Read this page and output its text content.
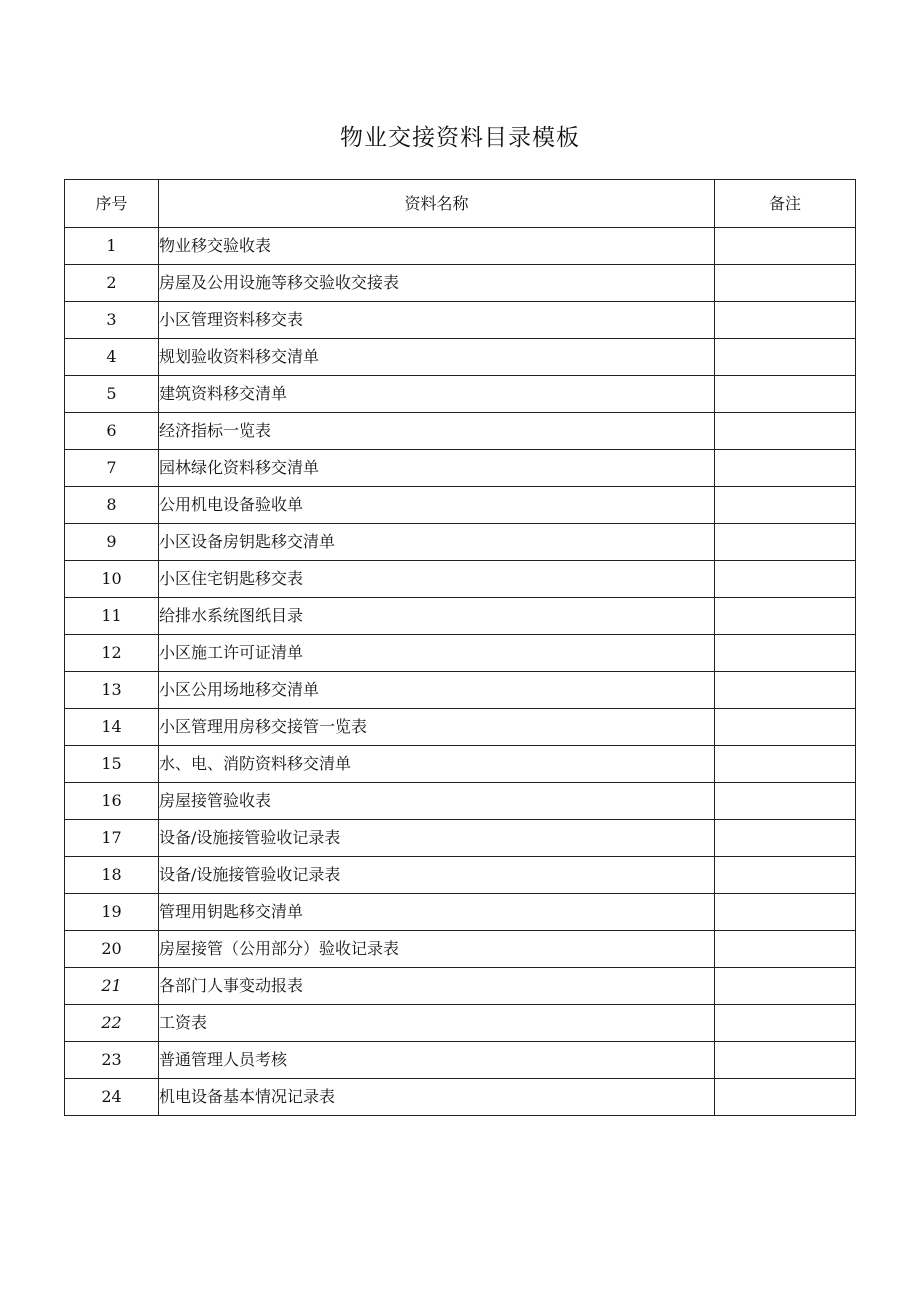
物业交接资料目录模板
序号	资料名称	备注
1	物业移交验收表	
2	房屋及公用设施等移交验收交接表	
3	小区管理资料移交表	
4	规划验收资料移交清单	
5	建筑资料移交清单	
6	经济指标一览表	
7	园林绿化资料移交清单	
8	公用机电设备验收单	
9	小区设备房钥匙移交清单	
10	小区住宅钥匙移交表	
11	给排水系统图纸目录	
12	小区施工许可证清单	
13	小区公用场地移交清单	
14	小区管理用房移交接管一览表	
15	水、电、消防资料移交清单	
16	房屋接管验收表	
17	设备/设施接管验收记录表	
18	设备/设施接管验收记录表	
19	管理用钥匙移交清单	
20	房屋接管（公用部分）验收记录表	
21	各部门人事变动报表	
22	工资表	
23	普通管理人员考核	
24	机电设备基本情况记录表	
